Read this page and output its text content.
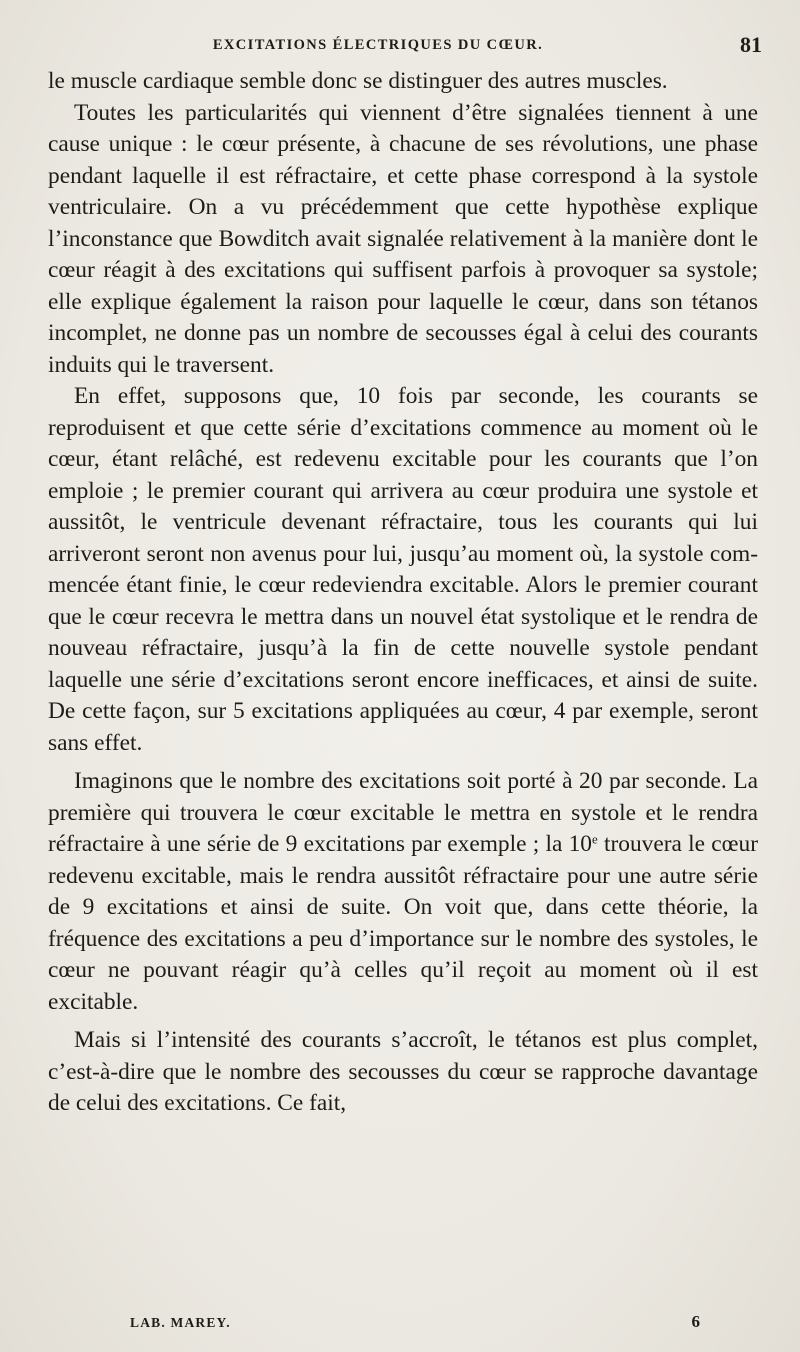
EXCITATIONS ÉLECTRIQUES DU CŒUR.	81

le muscle cardiaque semble donc se distinguer des autres muscles.

Toutes les particularités qui viennent d’être signalées tiennent à une cause unique : le cœur présente, à chacune de ses révolutions, une phase pendant laquelle il est réfractaire, et cette phase correspond à la systole ventriculaire. On a vu précédemment que cette hypothèse explique l’inconstance que Bowditch avait signalée relativement à la manière dont le cœur réagit à des excitations qui suffisent parfois à provoquer sa systole; elle explique également la raison pour laquelle le cœur, dans son tétanos incomplet, ne donne pas un nombre de secousses égal à celui des courants induits qui le traversent.

En effet, supposons que, 10 fois par seconde, les courants se reproduisent et que cette série d’excitations commence au moment où le cœur, étant relâché, est redevenu excitable pour les courants que l’on emploie ; le premier courant qui arrivera au cœur produira une systole et aussitôt, le ventricule devenant réfractaire, tous les courants qui lui arriveront seront non avenus pour lui, jusqu’au moment où, la systole commencée étant finie, le cœur redeviendra excitable. Alors le premier courant que le cœur recevra le mettra dans un nouvel état systolique et le rendra de nouveau réfractaire, jusqu’à la fin de cette nouvelle systole pendant laquelle une série d’excitations seront encore inefficaces, et ainsi de suite. De cette façon, sur 5 excitations appliquées au cœur, 4 par exemple, seront sans effet.

Imaginons que le nombre des excitations soit porté à 20 par seconde. La première qui trouvera le cœur excitable le mettra en systole et le rendra réfractaire à une série de 9 excitations par exemple ; la 10e trouvera le cœur redevenu excitable, mais le rendra aussitôt réfractaire pour une autre série de 9 excitations et ainsi de suite. On voit que, dans cette théorie, la fréquence des excitations a peu d’importance sur le nombre des systoles, le cœur ne pouvant réagir qu’à celles qu’il reçoit au moment où il est excitable.

Mais si l’intensité des courants s’accroît, le tétanos est plus complet, c’est-à-dire que le nombre des secousses du cœur se rapproche davantage de celui des excitations. Ce fait,

LAB. MAREY.	6
